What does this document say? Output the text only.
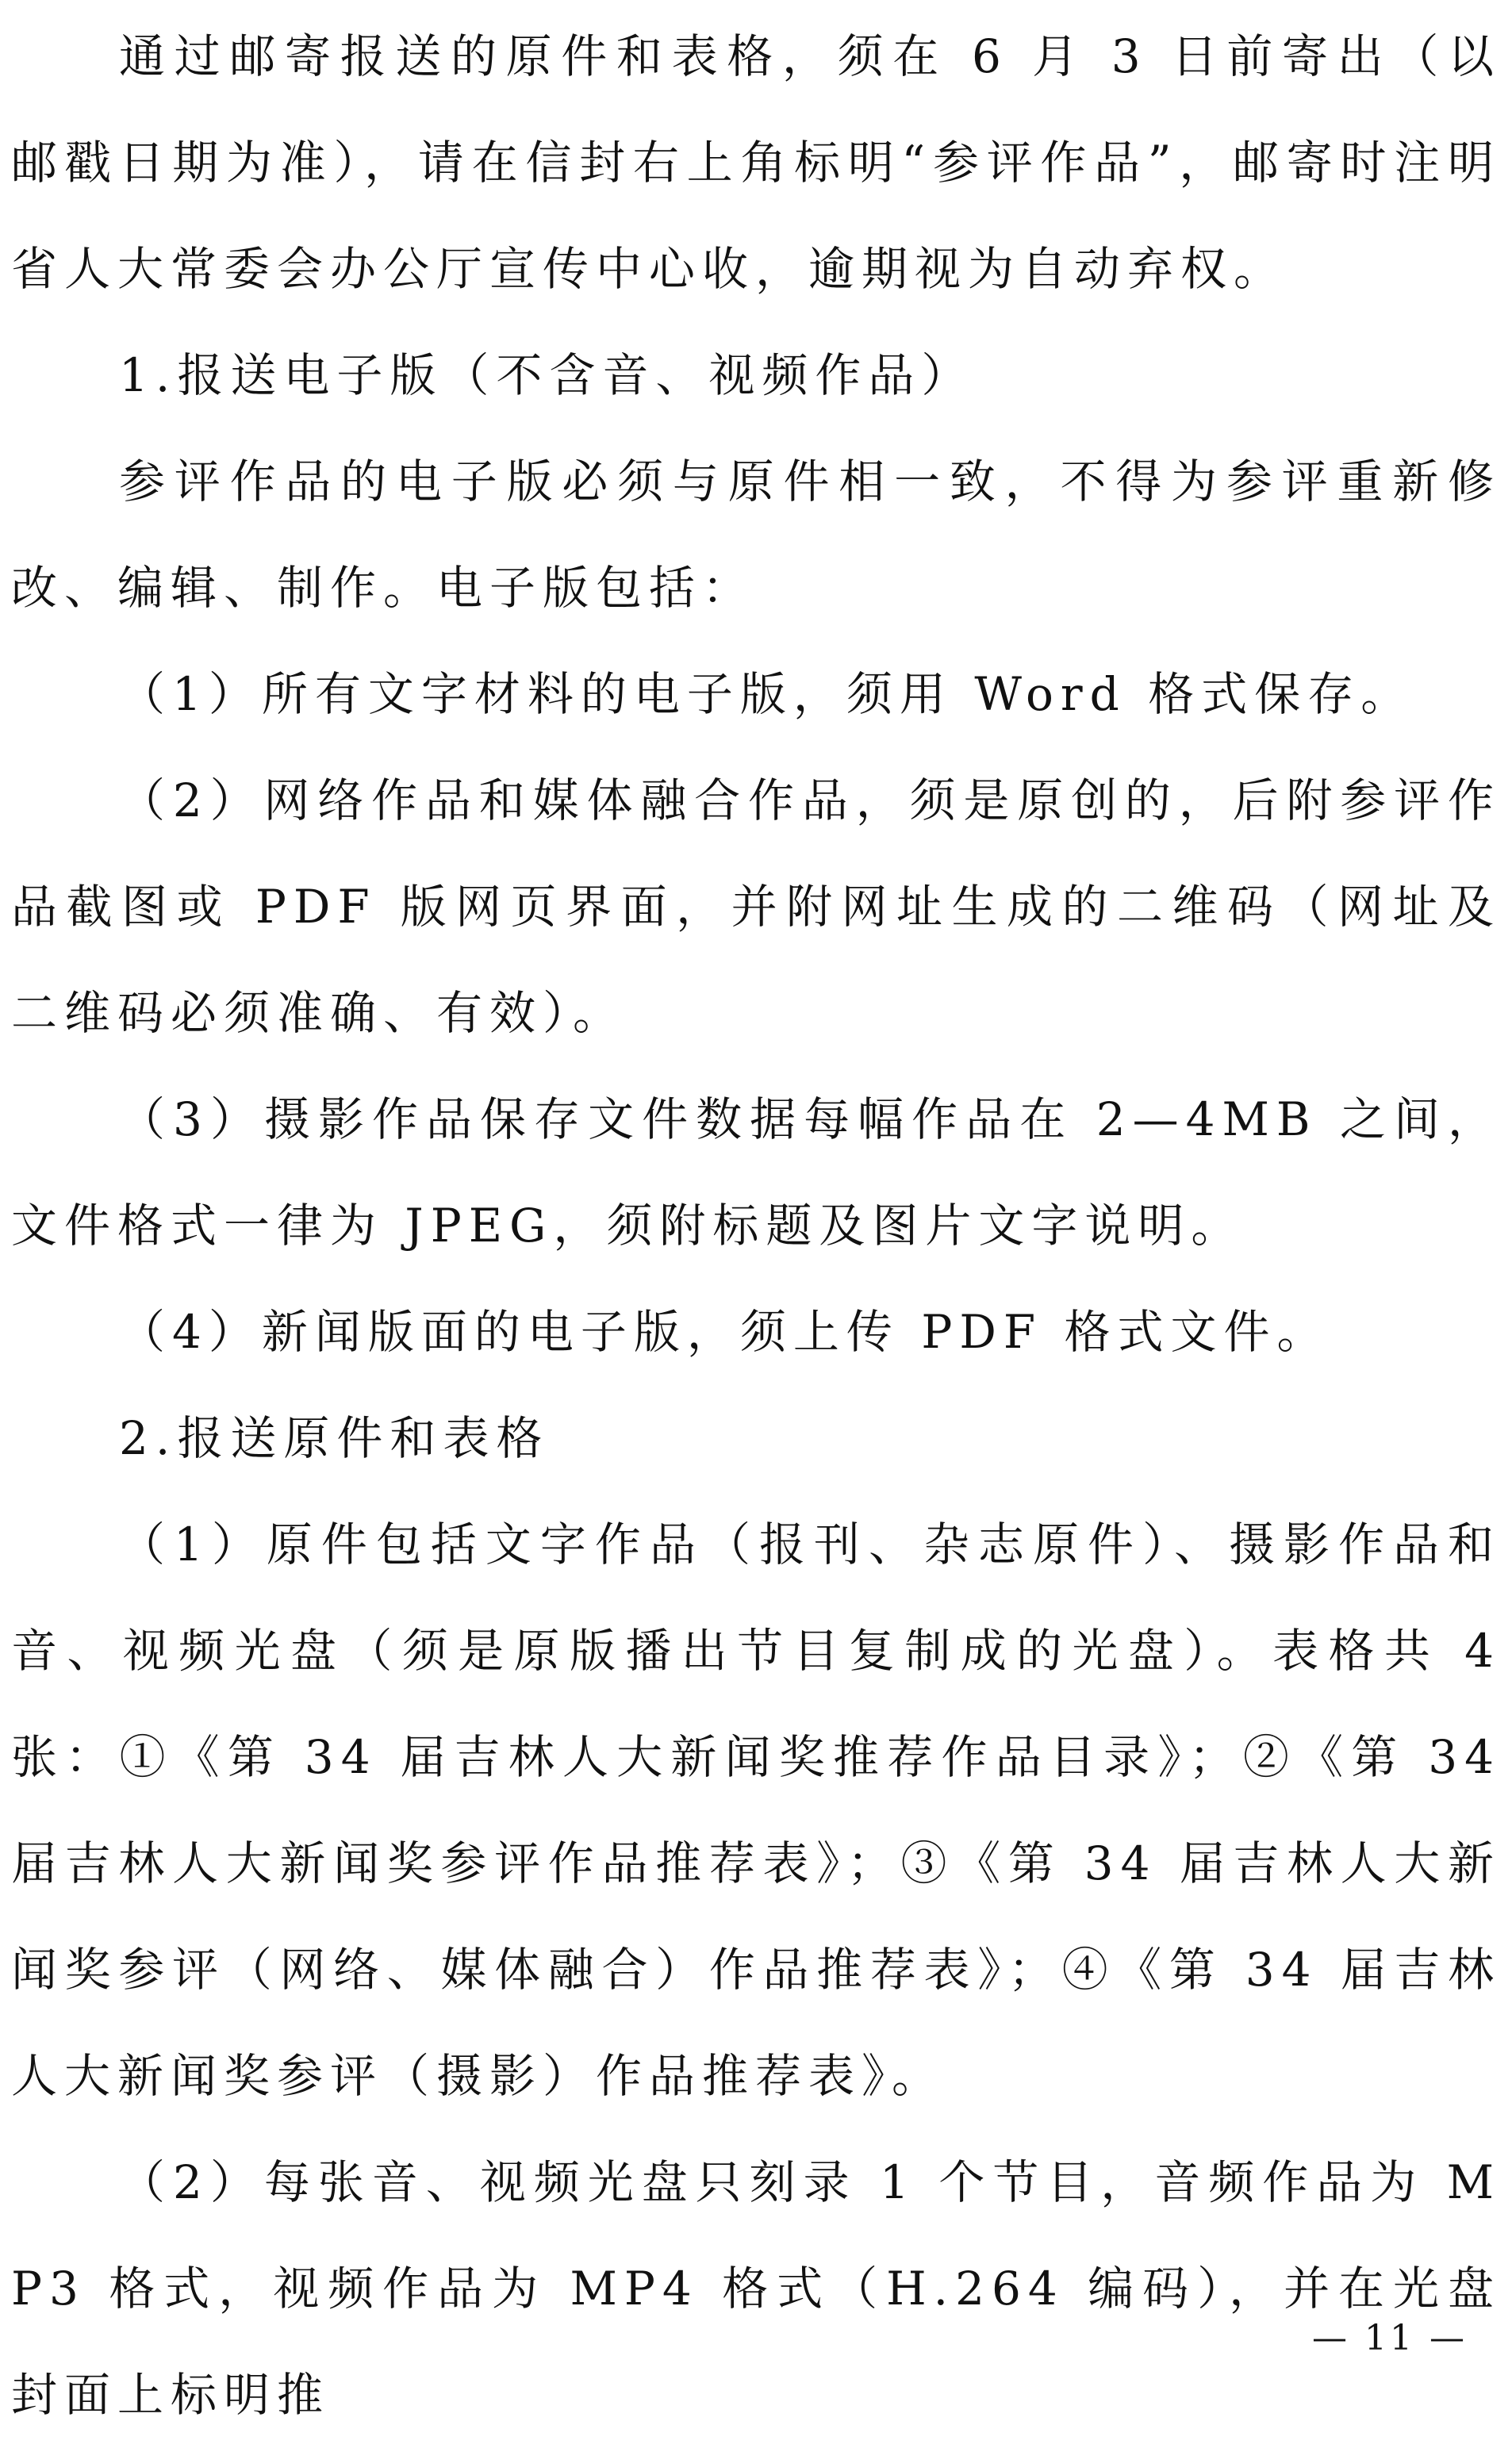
通过邮寄报送的原件和表格，须在 6 月 3 日前寄出（以邮戳日期为准），请在信封右上角标明“参评作品”，邮寄时注明省人大常委会办公厅宣传中心收，逾期视为自动弃权。

1.报送电子版（不含音、视频作品）

参评作品的电子版必须与原件相一致，不得为参评重新修改、编辑、制作。电子版包括：

（1）所有文字材料的电子版，须用 Word 格式保存。

（2）网络作品和媒体融合作品，须是原创的，后附参评作品截图或 PDF 版网页界面，并附网址生成的二维码（网址及二维码必须准确、有效）。

（3）摄影作品保存文件数据每幅作品在 2—4MB 之间，文件格式一律为 JPEG，须附标题及图片文字说明。

（4）新闻版面的电子版，须上传 PDF 格式文件。

2.报送原件和表格

（1）原件包括文字作品（报刊、杂志原件）、摄影作品和音、视频光盘（须是原版播出节目复制成的光盘）。表格共 4 张：①《第 34 届吉林人大新闻奖推荐作品目录》；②《第 34 届吉林人大新闻奖参评作品推荐表》；③《第 34 届吉林人大新闻奖参评（网络、媒体融合）作品推荐表》；④《第 34 届吉林人大新闻奖参评（摄影）作品推荐表》。

（2）每张音、视频光盘只刻录 1 个节目，音频作品为 MP3 格式，视频作品为 MP4 格式（H.264 编码），并在光盘封面上标明推

— 11 —
